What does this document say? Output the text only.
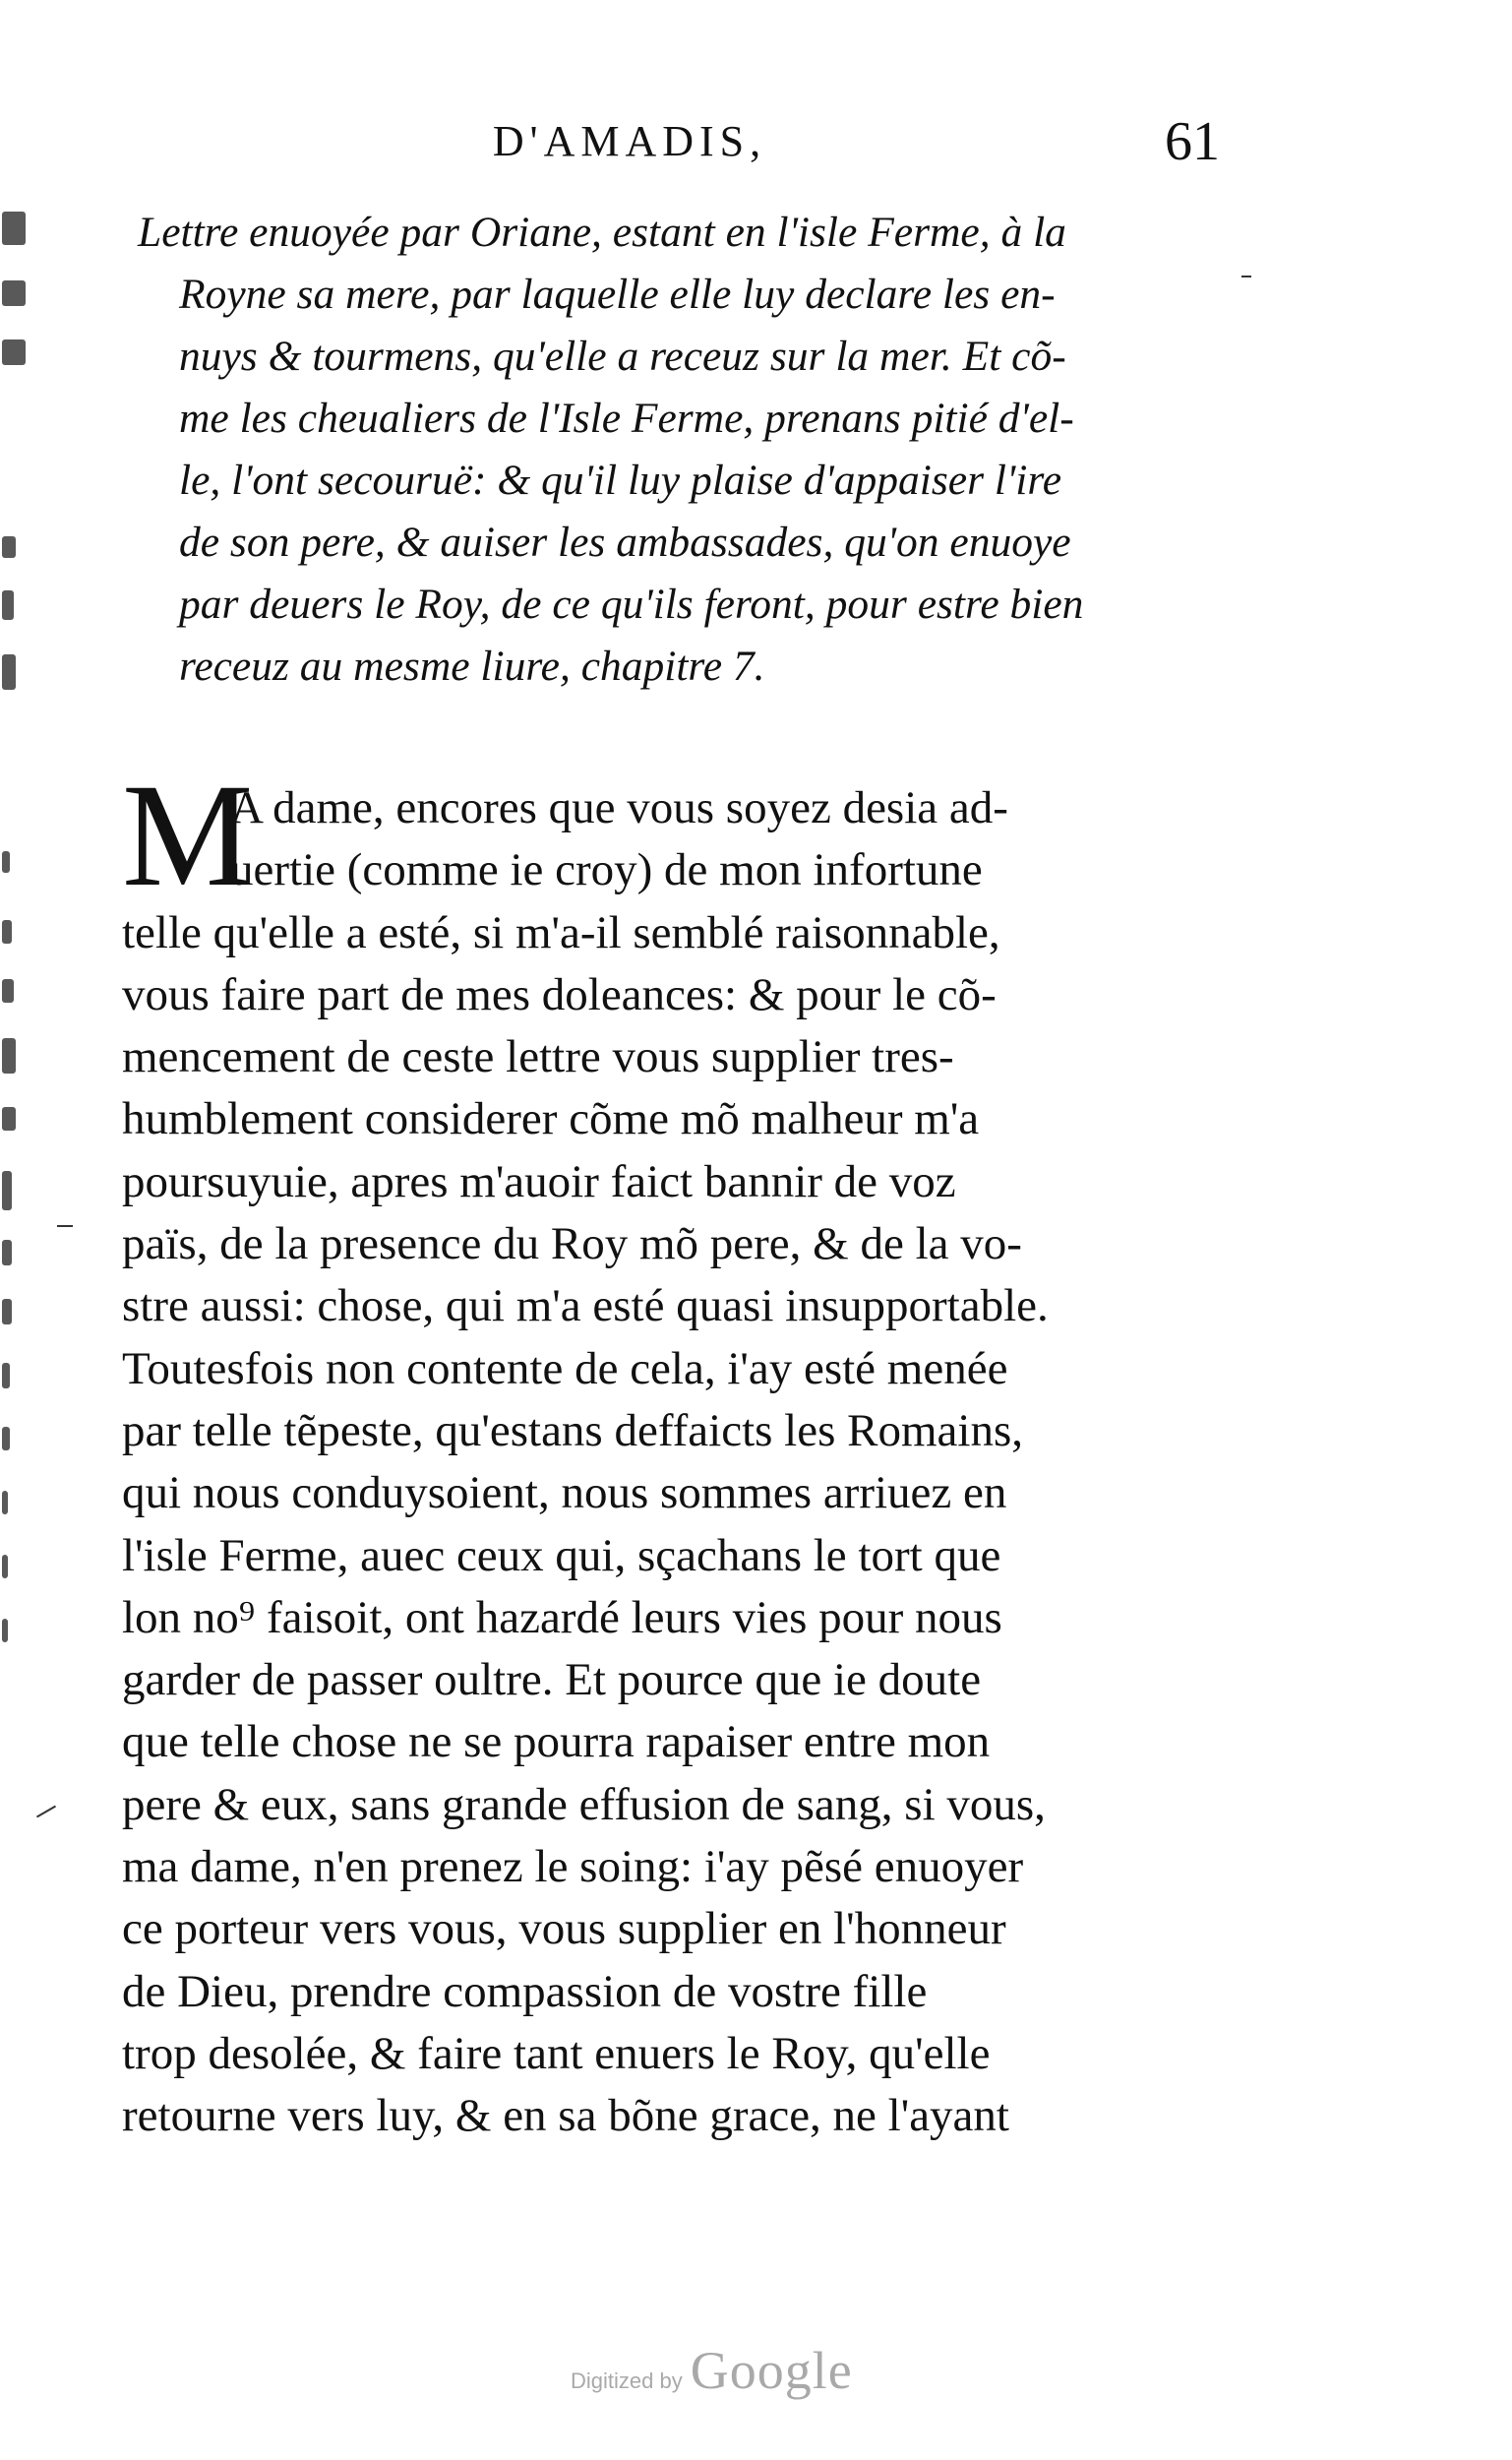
D'AMADIS,	61
Lettre enuoyée par Oriane, estant en l'isle Ferme, à la
Royne sa mere, par laquelle elle luy declare les en-
nuys & tourmens, qu'elle a receuz sur la mer. Et cõ-
me les cheualiers de l'Isle Ferme, prenans pitié d'el-
le, l'ont secouruë: & qu'il luy plaise d'appaiser l'ire
de son pere, & auiser les ambassades, qu'on enuoye
par deuers le Roy, de ce qu'ils feront, pour estre bien
receuz au mesme liure, chapitre 7.
M
A dame, encores que vous soyez desia ad-
uertie (comme ie croy) de mon infortune
telle qu'elle a esté, si m'a-il semblé raisonnable,
vous faire part de mes doleances: & pour le cõ-
mencement de ceste lettre vous supplier tres-
humblement considerer cõme mõ malheur m'a
poursuyuie, apres m'auoir faict bannir de voz
païs, de la presence du Roy mõ pere, & de la vo-
stre aussi: chose, qui m'a esté quasi insupportable.
Toutesfois non contente de cela, i'ay esté menée
par telle tẽpeste, qu'estans deffaicts les Romains,
qui nous conduysoient, nous sommes arriuez en
l'isle Ferme, auec ceux qui, sçachans le tort que
lon no⁹ faisoit, ont hazardé leurs vies pour nous
garder de passer oultre. Et pource que ie doute
que telle chose ne se pourra rapaiser entre mon
pere & eux, sans grande effusion de sang, si vous,
ma dame, n'en prenez le soing: i'ay pẽsé enuoyer
ce porteur vers vous, vous supplier en l'honneur
de Dieu, prendre compassion de vostre fille
trop desolée, & faire tant enuers le Roy, qu'elle
retourne vers luy, & en sa bõne grace, ne l'ayant
Digitized by Google
